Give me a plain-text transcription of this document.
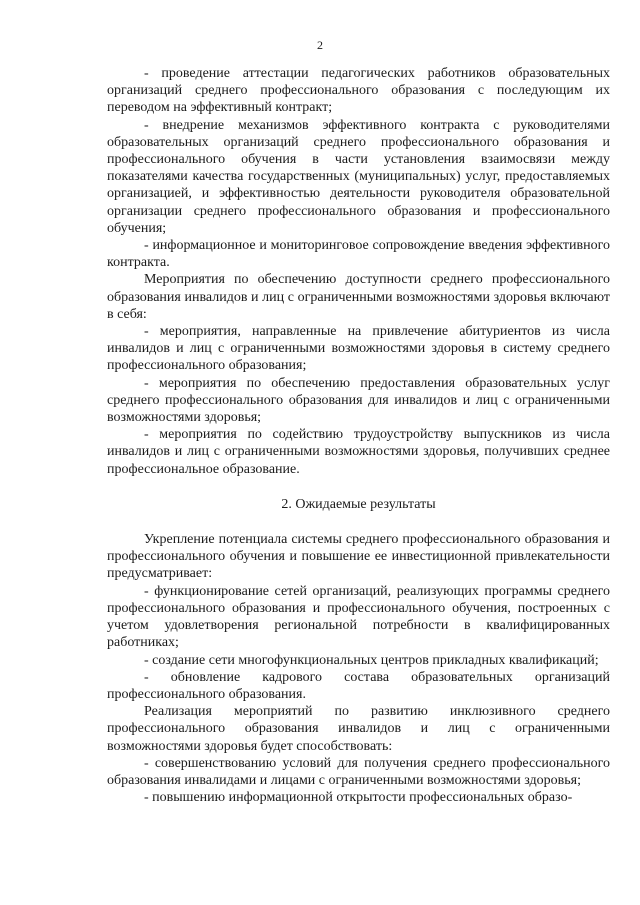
2

- проведение аттестации педагогических работников образовательных организаций среднего профессионального образования с последующим их переводом на эффективный контракт;

- внедрение механизмов эффективного контракта с руководителями образовательных организаций среднего профессионального образования и профессионального обучения в части установления взаимосвязи между показателями качества государственных (муниципальных) услуг, предоставляемых организацией, и эффективностью деятельности руководителя образовательной организации среднего профессионального образования и профессионального обучения;

- информационное и мониторинговое сопровождение введения эффективного контракта.

Мероприятия по обеспечению доступности среднего профессионального образования инвалидов и лиц с ограниченными возможностями здоровья включают в себя:

- мероприятия, направленные на привлечение абитуриентов из числа инвалидов и лиц с ограниченными возможностями здоровья в систему среднего профессионального образования;

- мероприятия по обеспечению предоставления образовательных услуг среднего профессионального образования для инвалидов и лиц с ограниченными возможностями здоровья;

- мероприятия по содействию трудоустройству выпускников из числа инвалидов и лиц с ограниченными возможностями здоровья, получивших среднее профессиональное образование.

2. Ожидаемые результаты

Укрепление потенциала системы среднего профессионального образования и профессионального обучения и повышение ее инвестиционной привлекательности предусматривает:

- функционирование сетей организаций, реализующих программы среднего профессионального образования и профессионального обучения, построенных с учетом удовлетворения региональной потребности в квалифицированных работниках;

- создание сети многофункциональных центров прикладных квалификаций;

- обновление кадрового состава образовательных организаций профессионального образования.

Реализация мероприятий по развитию инклюзивного среднего профессионального образования инвалидов и лиц с ограниченными возможностями здоровья будет способствовать:

- совершенствованию условий для получения среднего профессионального образования инвалидами и лицами с ограниченными возможностями здоровья;

- повышению информационной открытости профессиональных образо-
